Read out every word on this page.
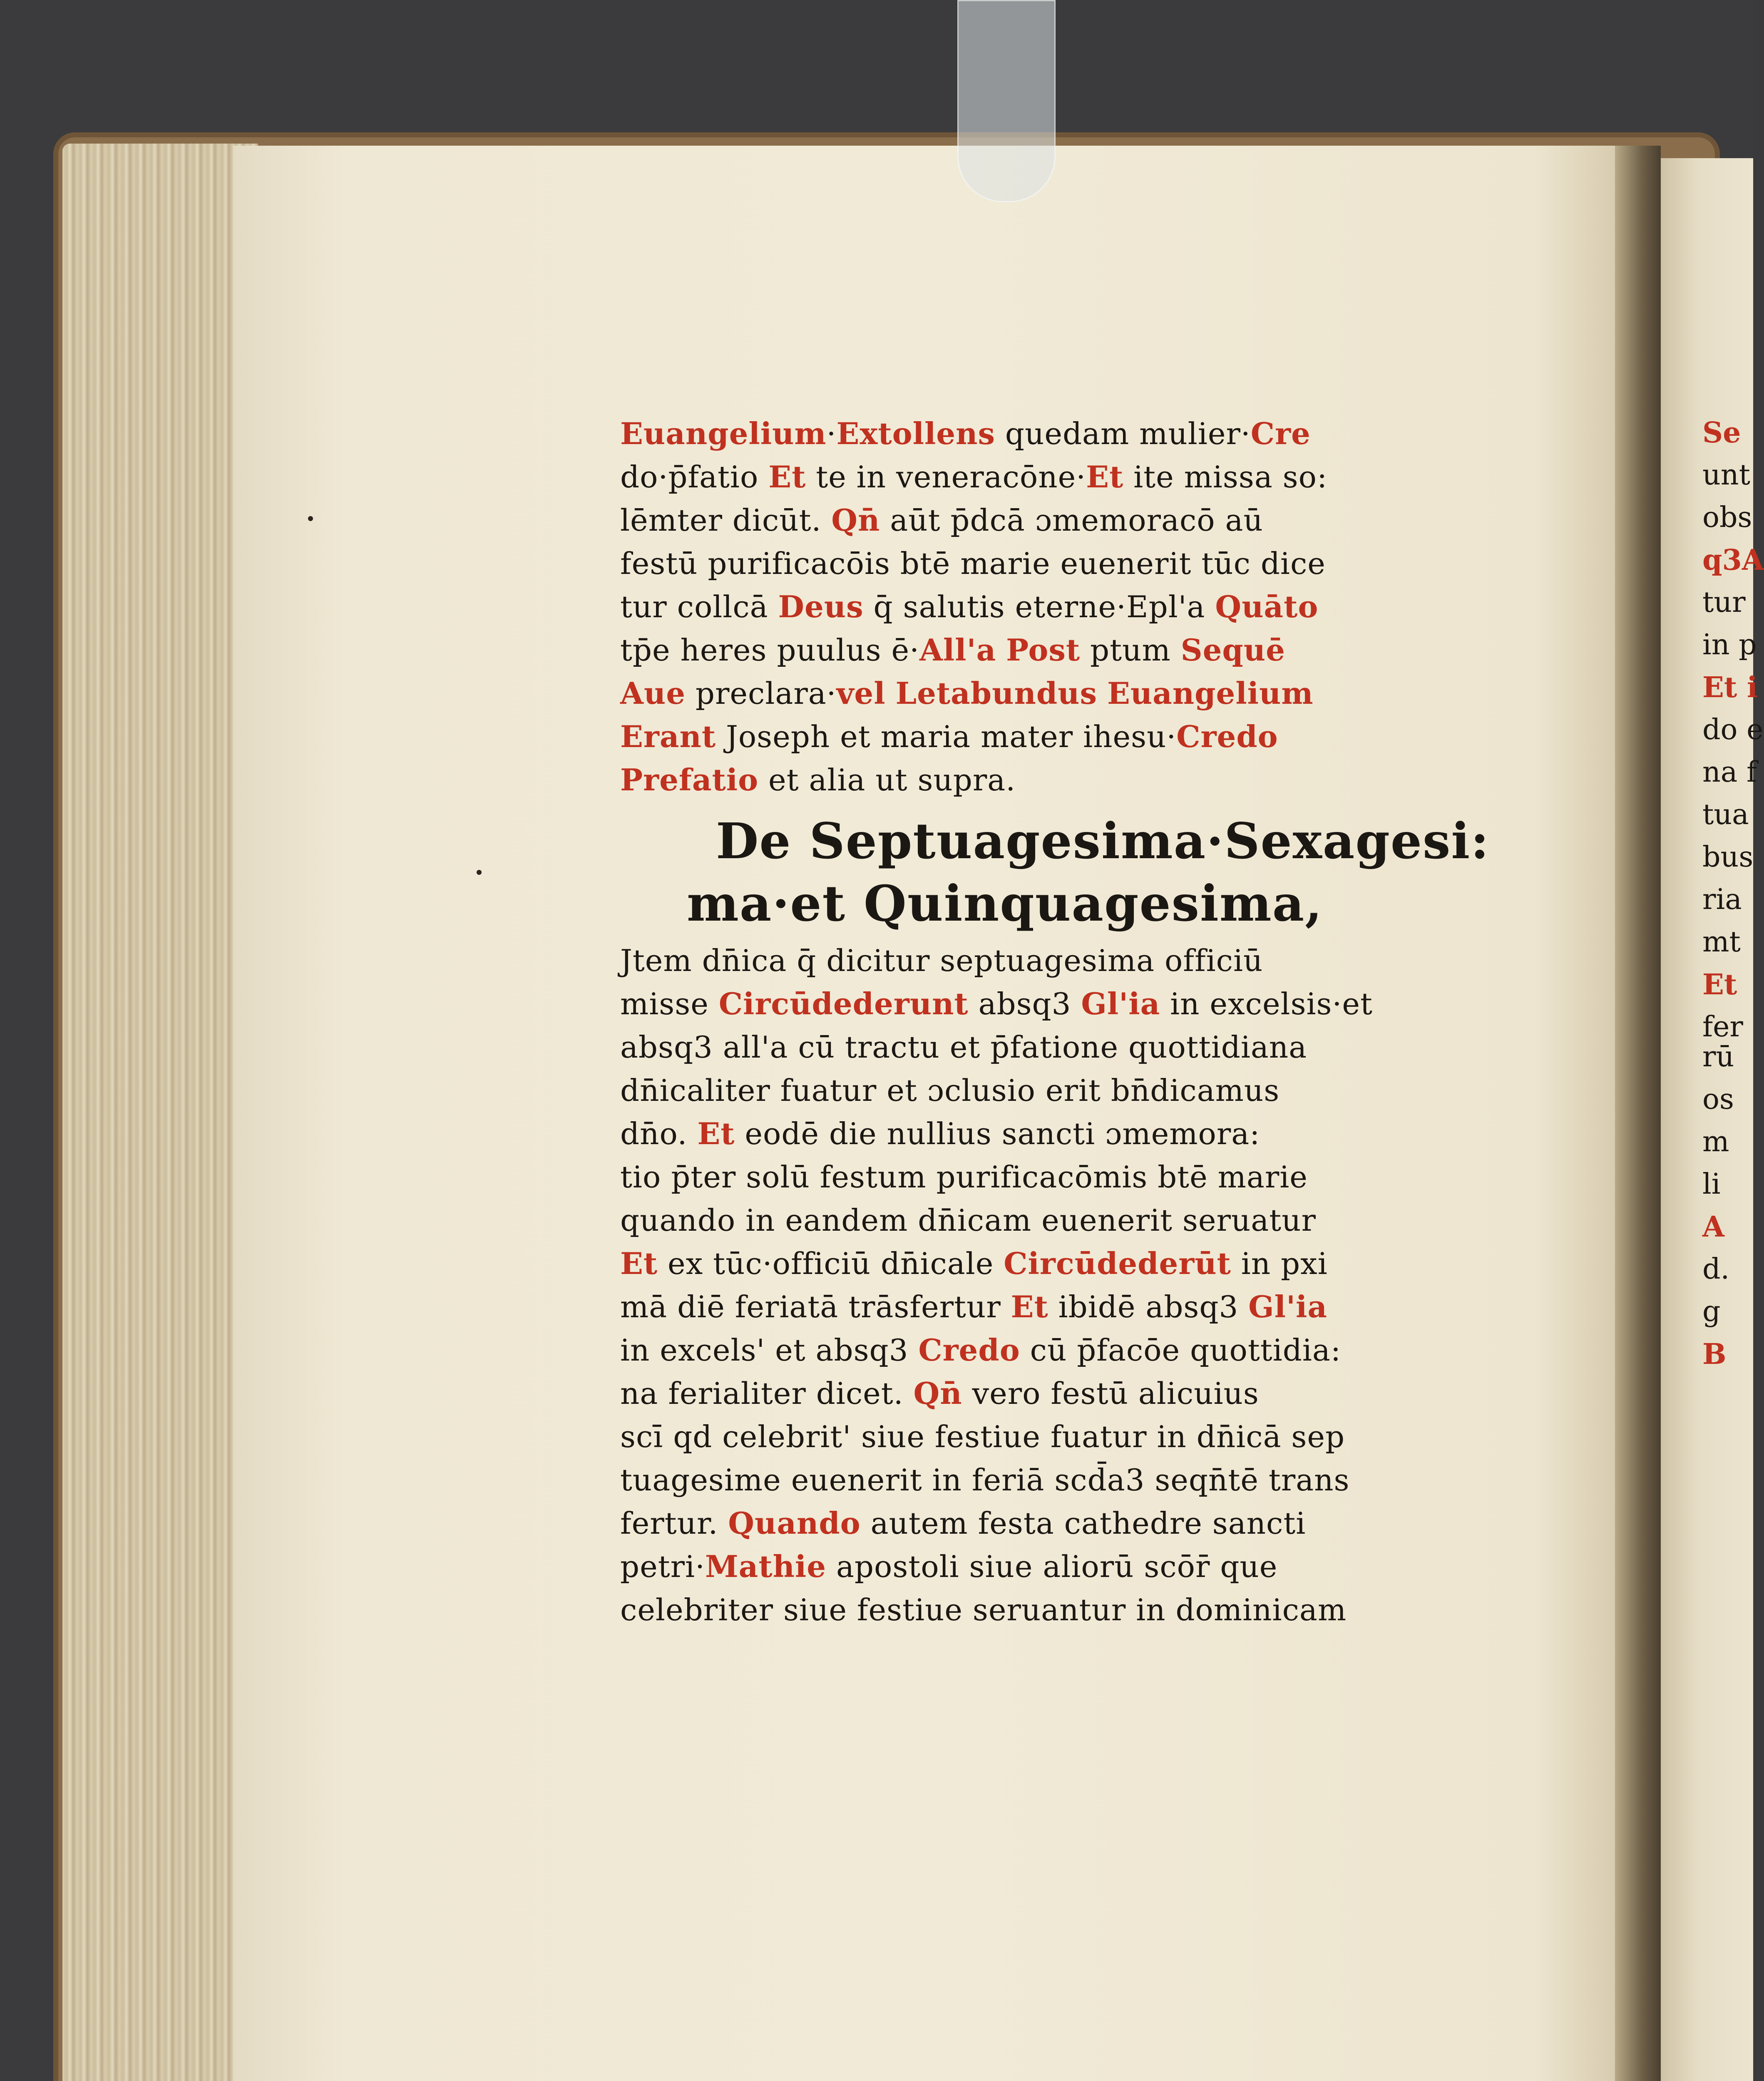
Euangelium·Extollens quedam mulier·Cre
do·p̄fatio Et te in veneracōne·Et ite missa so:
lēmter dicūt. Qn̄ aūt p̄dcā ɔmemoracō aū
festū purificacōis btē marie euenerit tūc dice
tur collcā Deus q̄ salutis eterne·Epl'a Quāto
tp̄e heres puulus ē·All'a Post ptum Sequē
Aue preclara·vel Letabundus Euangelium
Erant Joseph et maria mater ihesu·Credo
Prefatio et alia ut supra.
De Septuagesima·Sexagesi:
ma·et Quinquagesima,
Jtem dn̄ica q̄ dicitur septuagesima officiū
misse Circūdederunt absq3 Gl'ia in excelsis·et
absq3 all'a cū tractu et p̄fatione quottidiana
dn̄icaliter fuatur et ɔclusio erit bn̄dicamus
dn̄o. Et eodē die nullius sancti ɔmemora:
tio p̄ter solū festum purificacōmis btē marie
quando in eandem dn̄icam euenerit seruatur
Et ex tūc·officiū dn̄icale Circūdederūt in pxi
mā diē feriatā trāsfertur Et ibidē absq3 Gl'ia
in excels' et absq3 Credo cū p̄facōe quottidia:
na ferialiter dicet. Qn̄ vero festū alicuius
scī qd celebrit' siue festiue fuatur in dn̄icā sep
tuagesime euenerit in feriā scd̄a3 seqn̄tē trans
fertur. Quando autem festa cathedre sancti
petri·Mathie apostoli siue aliorū scōr̄ que
celebriter siue festiue seruantur in dominicam
Se
unt
obs
q3A
tur
in p
Et i
do e
na f
tua
bus
ria
mt
Et
fer
rū
os
m
li
A
d.
g
B
